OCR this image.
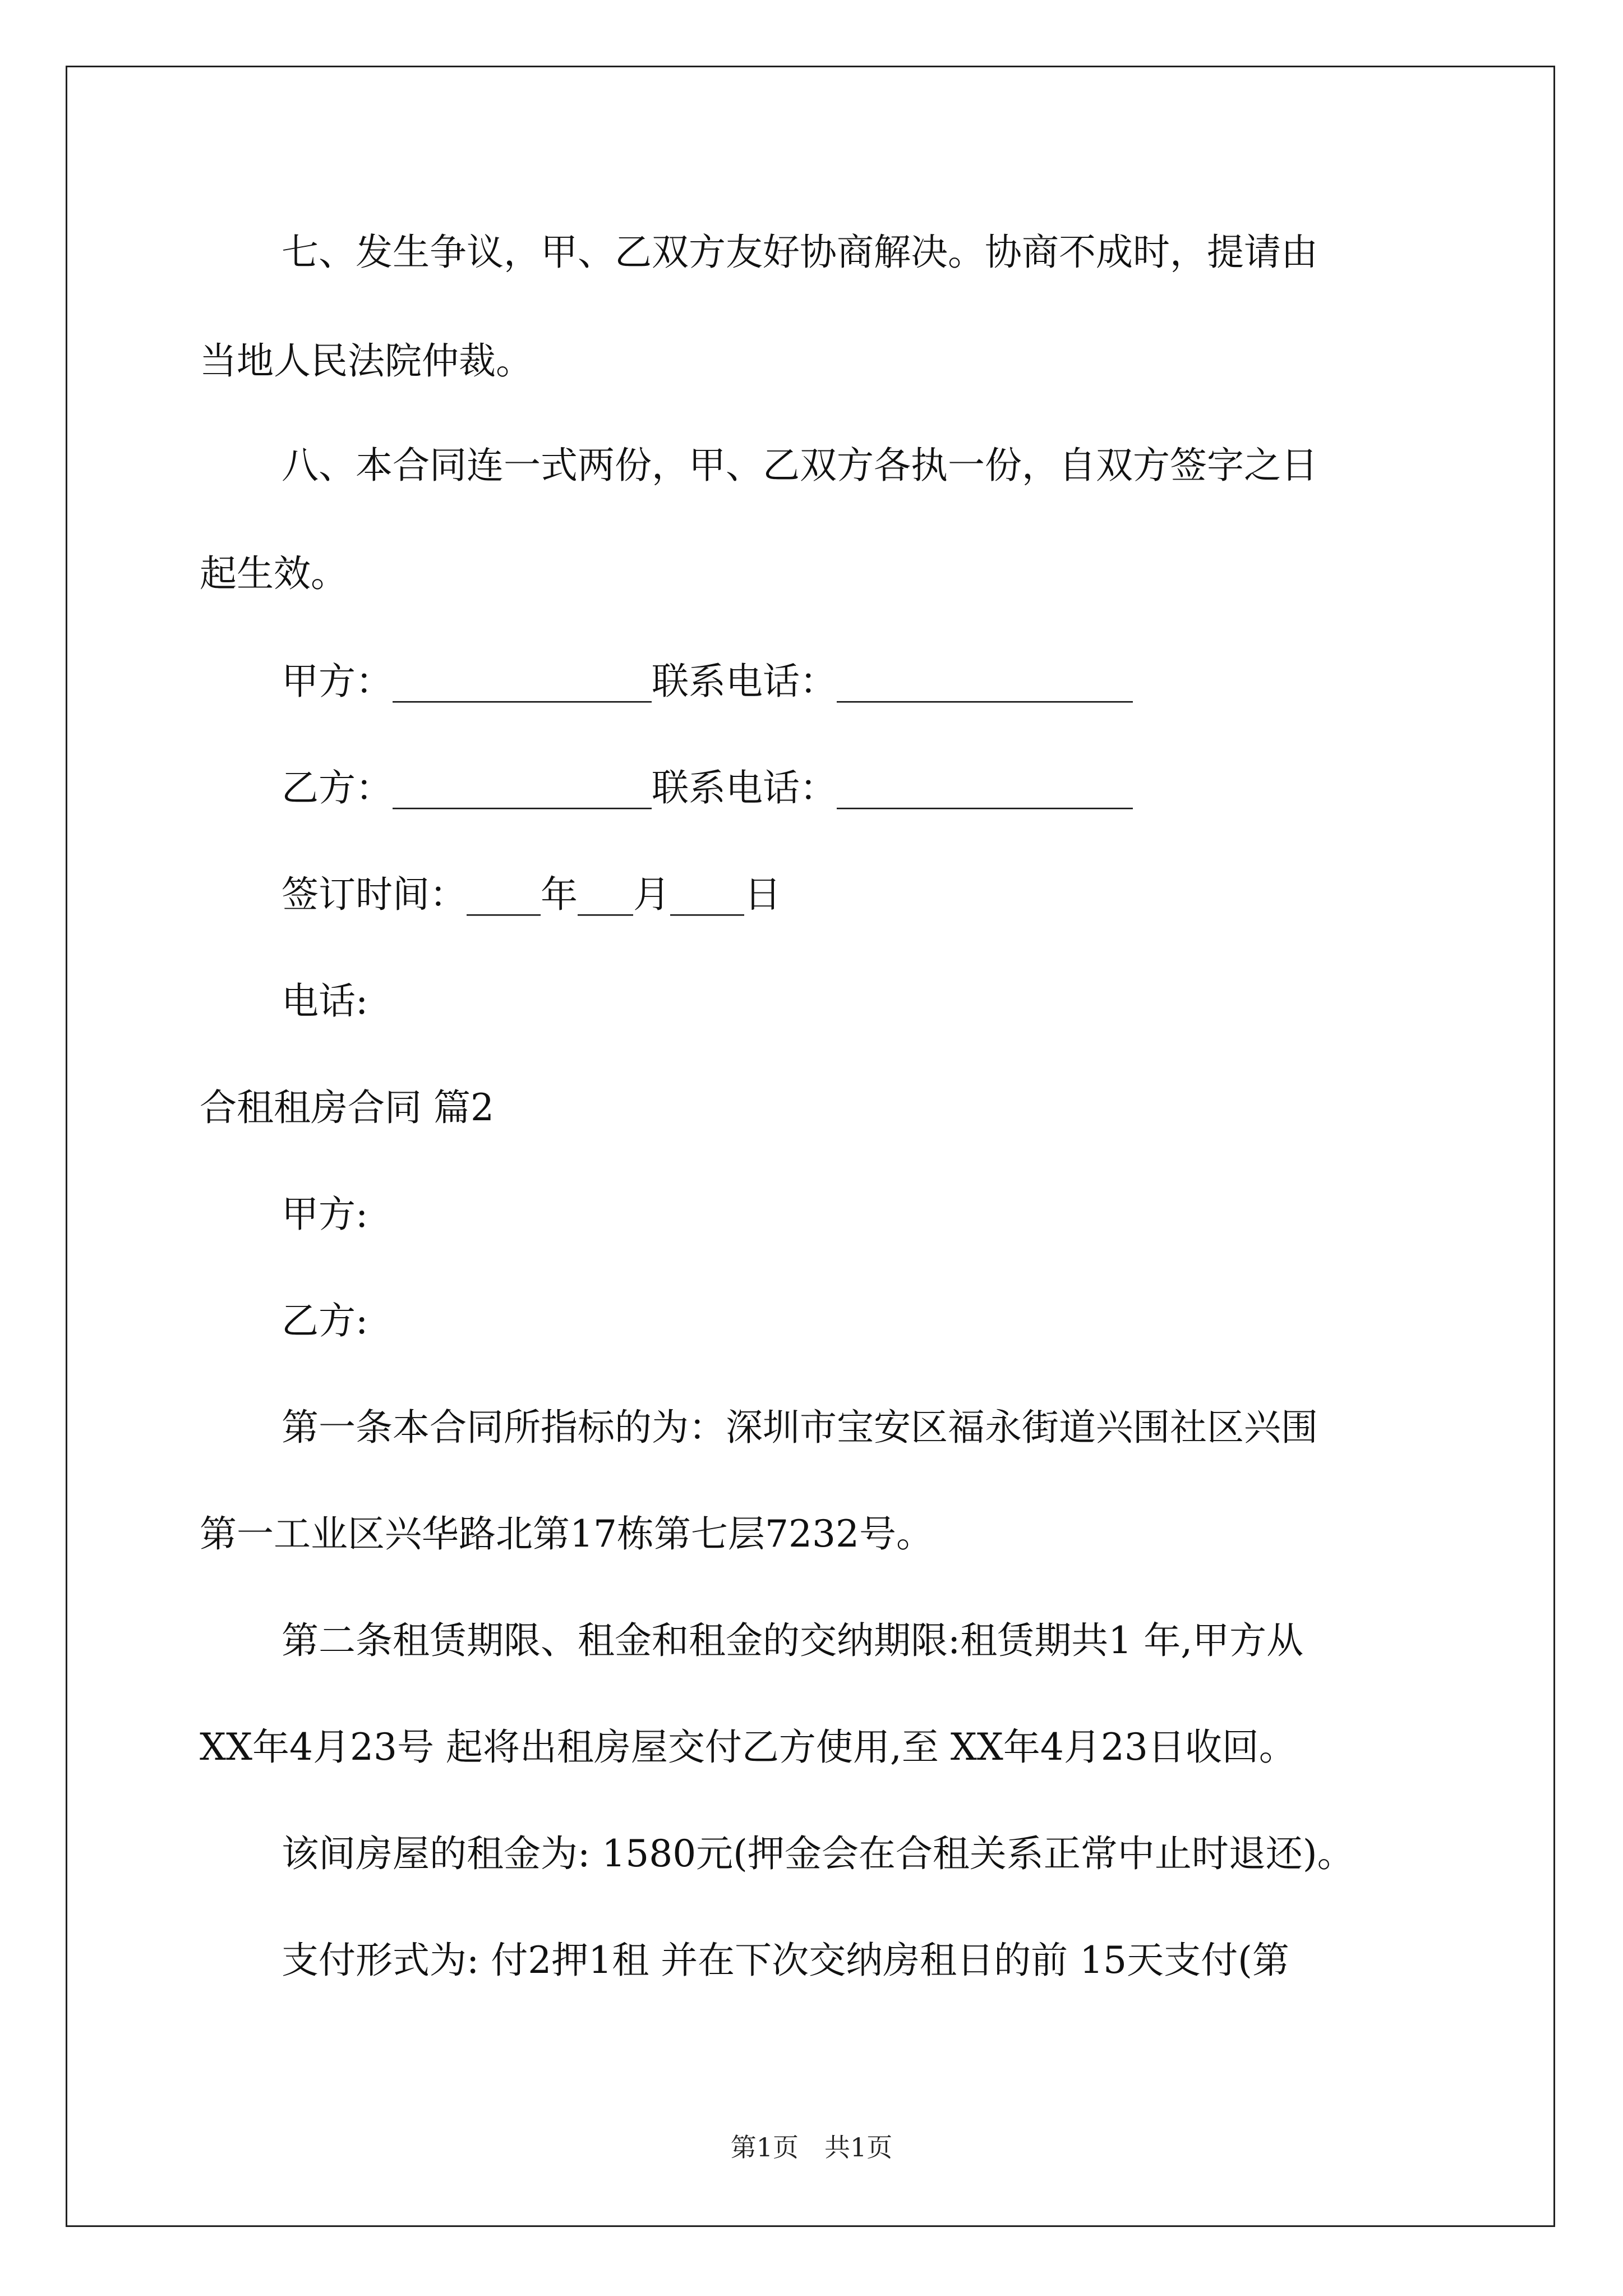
七、发生争议，甲、乙双方友好协商解决。协商不成时，提请由

当地人民法院仲裁。

八、本合同连一式两份，甲、乙双方各执一份，自双方签字之日

起生效。

甲方：______________联系电话：________________

乙方：______________联系电话：________________

签订时间：____年___月____日

电话:

合租租房合同 篇2

甲方:

乙方:

第一条本合同所指标的为：深圳市宝安区福永街道兴围社区兴围

第一工业区兴华路北第17栋第七层7232号。

第二条租赁期限、租金和租金的交纳期限:租赁期共1 年,甲方从

XX年4月23号 起将出租房屋交付乙方使用,至 XX年4月23日收回。

该间房屋的租金为: 1580元(押金会在合租关系正常中止时退还)。

支付形式为: 付2押1租 并在下次交纳房租日的前 15天支付(第

第1页　共1页
